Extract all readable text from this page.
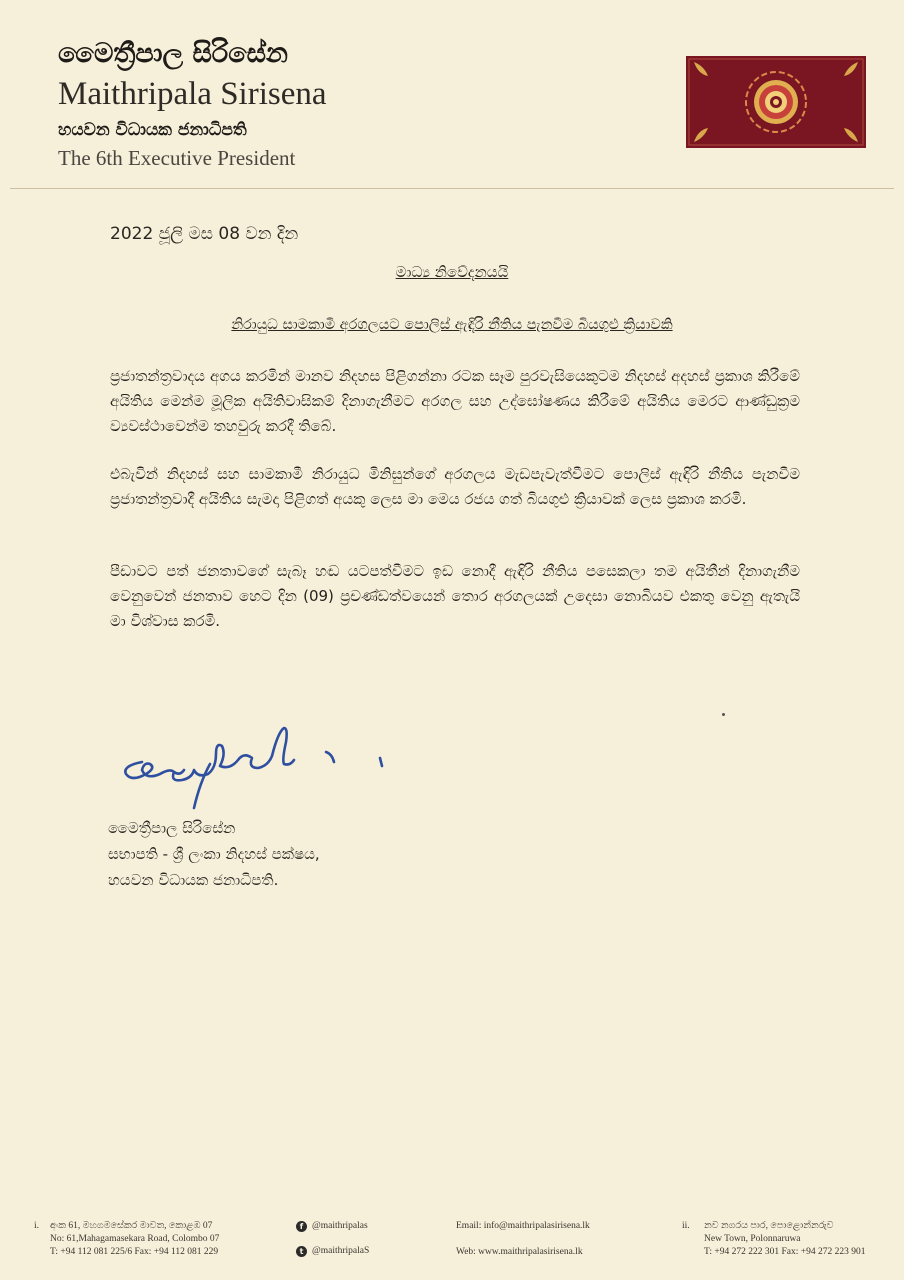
මෛත්‍රීපාල සිරිසේන
Maithripala Sirisena
හයවන විධායක ජනාධිපති
The 6th Executive President
2022 ජූලි මස 08 වන දින
මාධ්‍ය නිවේදනයයි
නිරායුධ සාමකාමී අරගලයට පොලිස් ඇඳිරි නීතිය පැනවීම බියගුළු ක්‍රියාවකි
ප්‍රජාතන්ත්‍රවාදය අගය කරමින් මානව නිදහස පිළිගන්නා රටක සෑම පුරවැසියෙකුටම නිදහස් අදහස් ප්‍රකාශ කිරීමේ අයිතිය මෙන්ම මූලික අයිතිවාසිකම් දිනාගැනීමට අරගල සහ උද්ඝෝෂණය කිරීමේ අයිතිය මෙරට ආණ්ඩුක්‍රම ව්‍යවස්ථාවෙන්ම තහවුරු කරදී තිබේ.
එබැවින් නිදහස් සහ සාමකාමී නිරායුධ මිනිසුන්ගේ අරගලය මැඩපැවැත්වීමට පොලිස් ඇඳිරි නීතිය පැනවීම ප්‍රජාතන්ත්‍රවාදී අයිතිය සැමදා පිළිගත් අයකු ලෙස මා මෙය රජය ගත් බියගුළු ක්‍රියාවක් ලෙස ප්‍රකාශ කරමි.
පීඩාවට පත් ජනතාවගේ සැබෑ හඬ යටපත්වීමට ඉඩ නොදී ඇඳිරි නීතිය පසෙකලා තම අයිතීන් දිනාගැනීම වෙනුවෙන් ජනතාව හෙට දින (09) ප්‍රචණ්ඩත්වයෙන් තොර අරගලයක් උදෙසා නොබියව එකතු වෙනු ඇතැයි මා විශ්වාස කරමි.
මෛත්‍රීපාල සිරිසේන
සභාපති - ශ්‍රී ලංකා නිදහස් පක්ෂය,
හයවන විධායක ජනාධිපති.
i. අංක 61, මහගමසේකර මාවත, කොළඹ 07
No: 61,Mahagamasekara Road, Colombo 07
T: +94 112 081 225/6 Fax: +94 112 081 229
f @maithripalas
t @maithripalaS
Email: info@maithripalasirisena.lk
Web: www.maithripalasirisena.lk
ii. නව නගරය පාර, පොළොන්නරුව
New Town, Polonnaruwa
T: +94 272 222 301 Fax: +94 272 223 901
